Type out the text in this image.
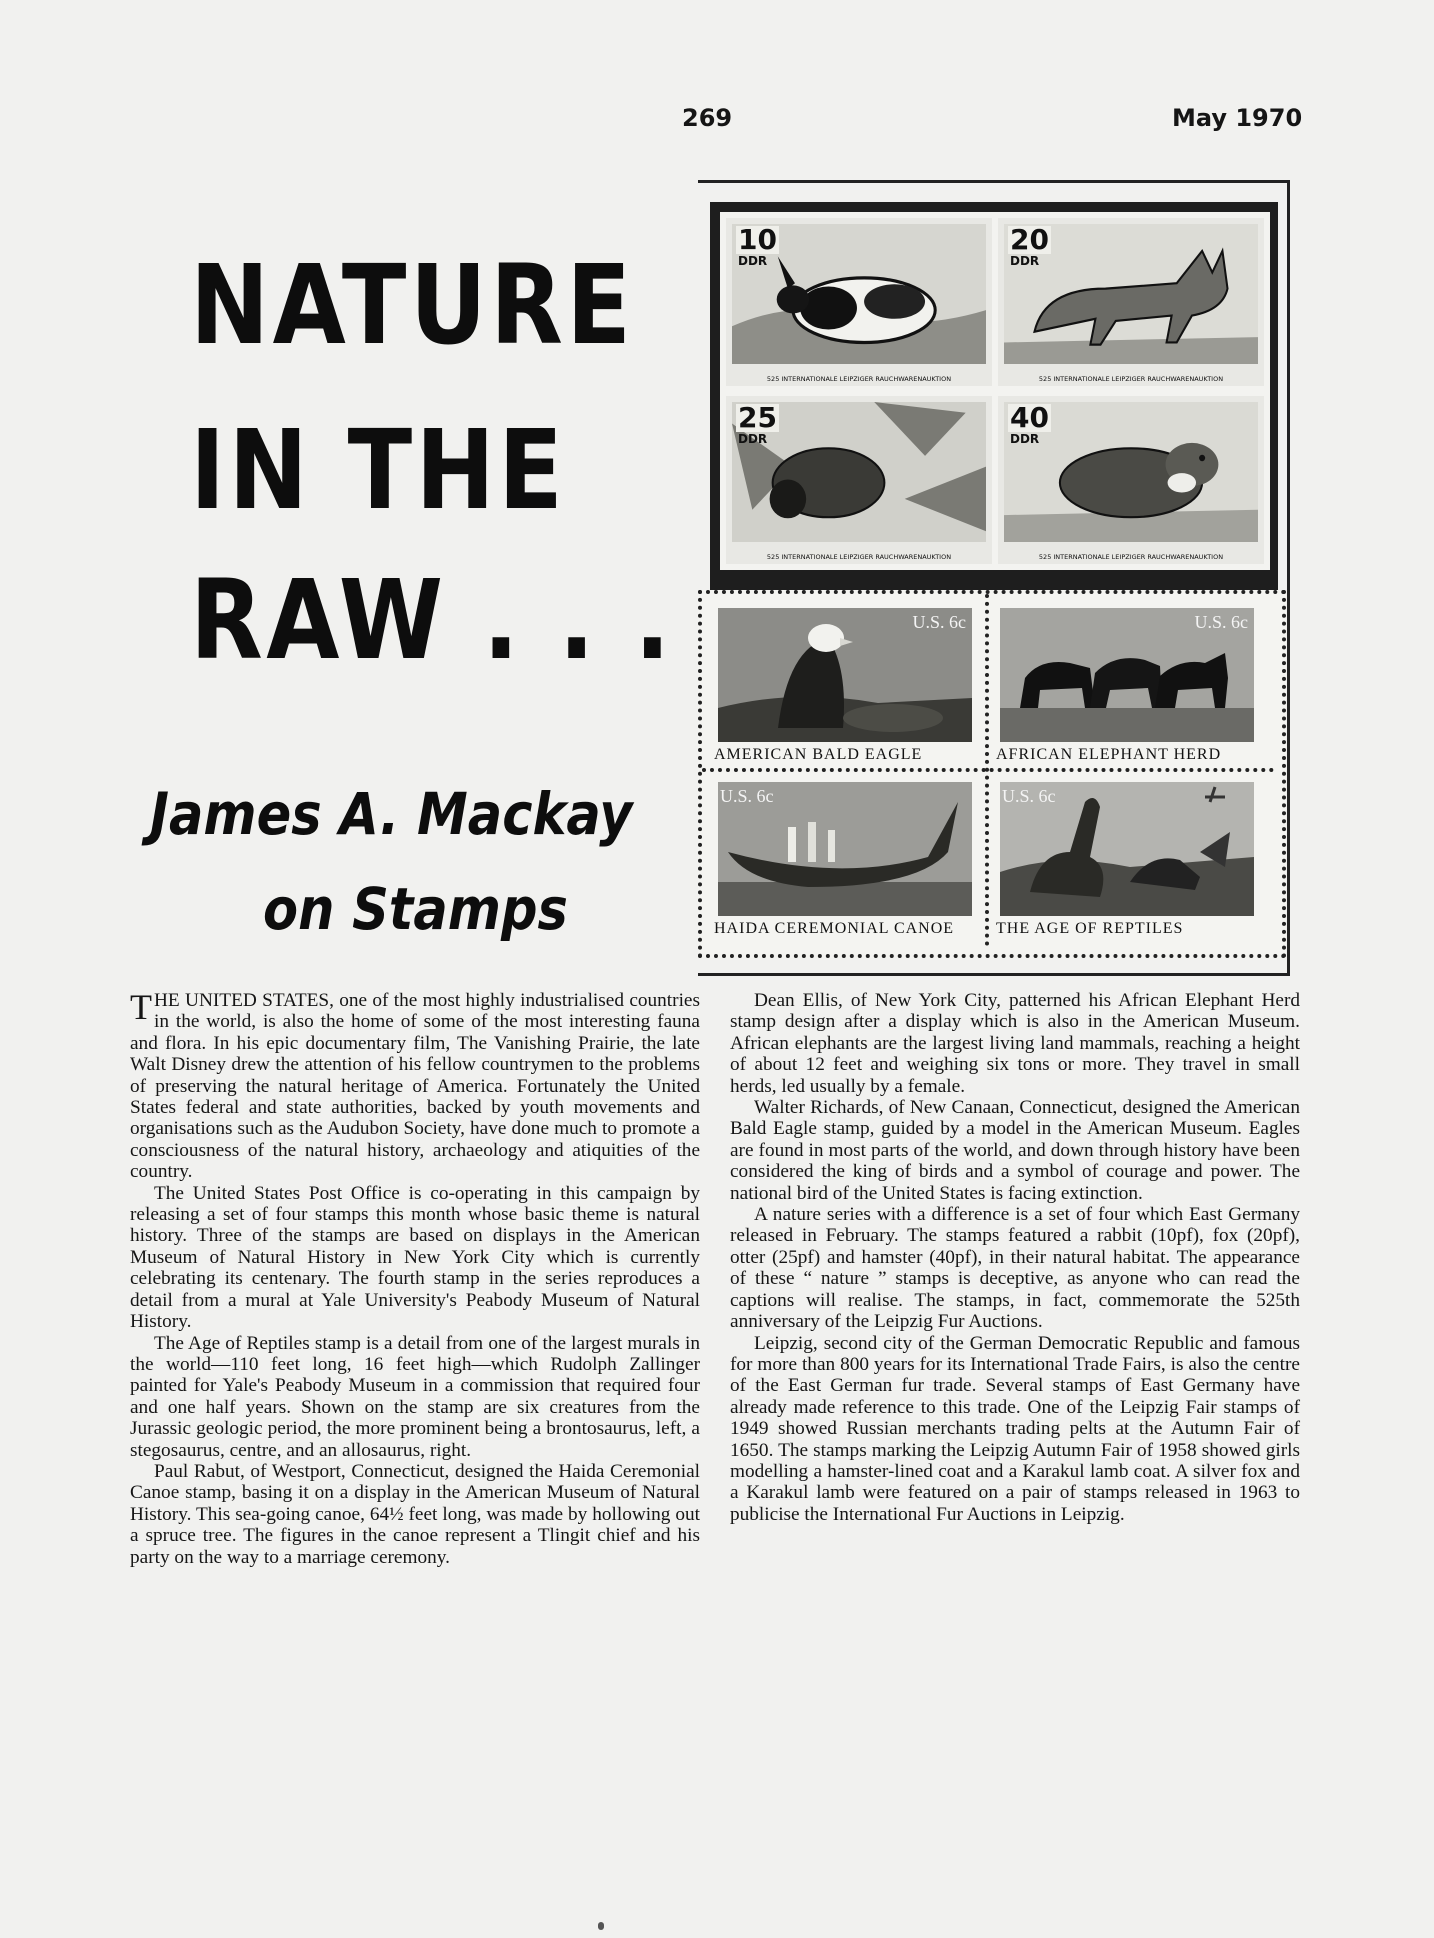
269	May 1970
NATURE
IN THE
RAW . . .
James A. Mackay
on Stamps
10
DDR
525 INTERNATIONALE LEIPZIGER RAUCHWARENAUKTION
20
DDR
525 INTERNATIONALE LEIPZIGER RAUCHWARENAUKTION
25
DDR
525 INTERNATIONALE LEIPZIGER RAUCHWARENAUKTION
40
DDR
525 INTERNATIONALE LEIPZIGER RAUCHWARENAUKTION
U.S. 6c
AMERICAN BALD EAGLE
U.S. 6c
AFRICAN ELEPHANT HERD
U.S. 6c
HAIDA CEREMONIAL CANOE
U.S. 6c
THE AGE OF REPTILES

THE UNITED STATES, one of the most highly industrialised countries in the world, is also the home of some of the most interesting fauna and flora. In his epic documentary film, The Vanishing Prairie, the late Walt Disney drew the attention of his fellow countrymen to the problems of preserving the natural heritage of America. Fortunately the United States federal and state authorities, backed by youth movements and organisations such as the Audubon Society, have done much to promote a consciousness of the natural history, archaeology and atiquities of the country.

The United States Post Office is co-operating in this campaign by releasing a set of four stamps this month whose basic theme is natural history. Three of the stamps are based on displays in the American Museum of Natural History in New York City which is currently celebrating its centenary. The fourth stamp in the series reproduces a detail from a mural at Yale University's Peabody Museum of Natural History.

The Age of Reptiles stamp is a detail from one of the largest murals in the world—110 feet long, 16 feet high—which Rudolph Zallinger painted for Yale's Peabody Museum in a commission that required four and one half years. Shown on the stamp are six creatures from the Jurassic geologic period, the more prominent being a brontosaurus, left, a stegosaurus, centre, and an allosaurus, right.

Paul Rabut, of Westport, Connecticut, designed the Haida Ceremonial Canoe stamp, basing it on a display in the American Museum of Natural History. This sea-going canoe, 64½ feet long, was made by hollowing out a spruce tree. The figures in the canoe represent a Tlingit chief and his party on the way to a marriage ceremony.

Dean Ellis, of New York City, patterned his African Elephant Herd stamp design after a display which is also in the American Museum. African elephants are the largest living land mammals, reaching a height of about 12 feet and weighing six tons or more. They travel in small herds, led usually by a female.

Walter Richards, of New Canaan, Connecticut, designed the American Bald Eagle stamp, guided by a model in the American Museum. Eagles are found in most parts of the world, and down through history have been considered the king of birds and a symbol of courage and power. The national bird of the United States is facing extinction.

A nature series with a difference is a set of four which East Germany released in February. The stamps featured a rabbit (10pf), fox (20pf), otter (25pf) and hamster (40pf), in their natural habitat. The appearance of these “ nature ” stamps is deceptive, as anyone who can read the captions will realise. The stamps, in fact, commemorate the 525th anniversary of the Leipzig Fur Auctions.

Leipzig, second city of the German Democratic Republic and famous for more than 800 years for its International Trade Fairs, is also the centre of the East German fur trade. Several stamps of East Germany have already made reference to this trade. One of the Leipzig Fair stamps of 1949 showed Russian merchants trading pelts at the Autumn Fair of 1650. The stamps marking the Leipzig Autumn Fair of 1958 showed girls modelling a hamster-lined coat and a Karakul lamb coat. A silver fox and a Karakul lamb were featured on a pair of stamps released in 1963 to publicise the International Fur Auctions in Leipzig.
